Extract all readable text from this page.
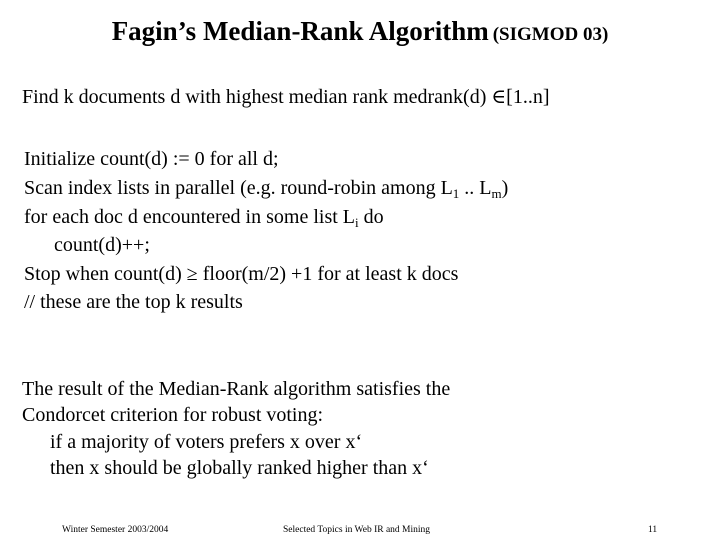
Fagin’s Median-Rank Algorithm (SIGMOD 03)
Find k documents d with highest median rank medrank(d) ∈[1..n]
Initialize count(d) := 0 for all d;
Scan index lists in parallel (e.g. round-robin among $L_1$ .. $L_m$)
for each doc d encountered in some list $L_i$ do
count(d)++;
Stop when count(d) ≥ floor(m/2) +1 for at least k docs
// these are the top k results
The result of the Median-Rank algorithm satisfies the
Condorcet criterion for robust voting:
if a majority of voters prefers x over x‘
then x should be globally ranked higher than x‘
Winter Semester 2003/2004	Selected Topics in Web IR and Mining	11
